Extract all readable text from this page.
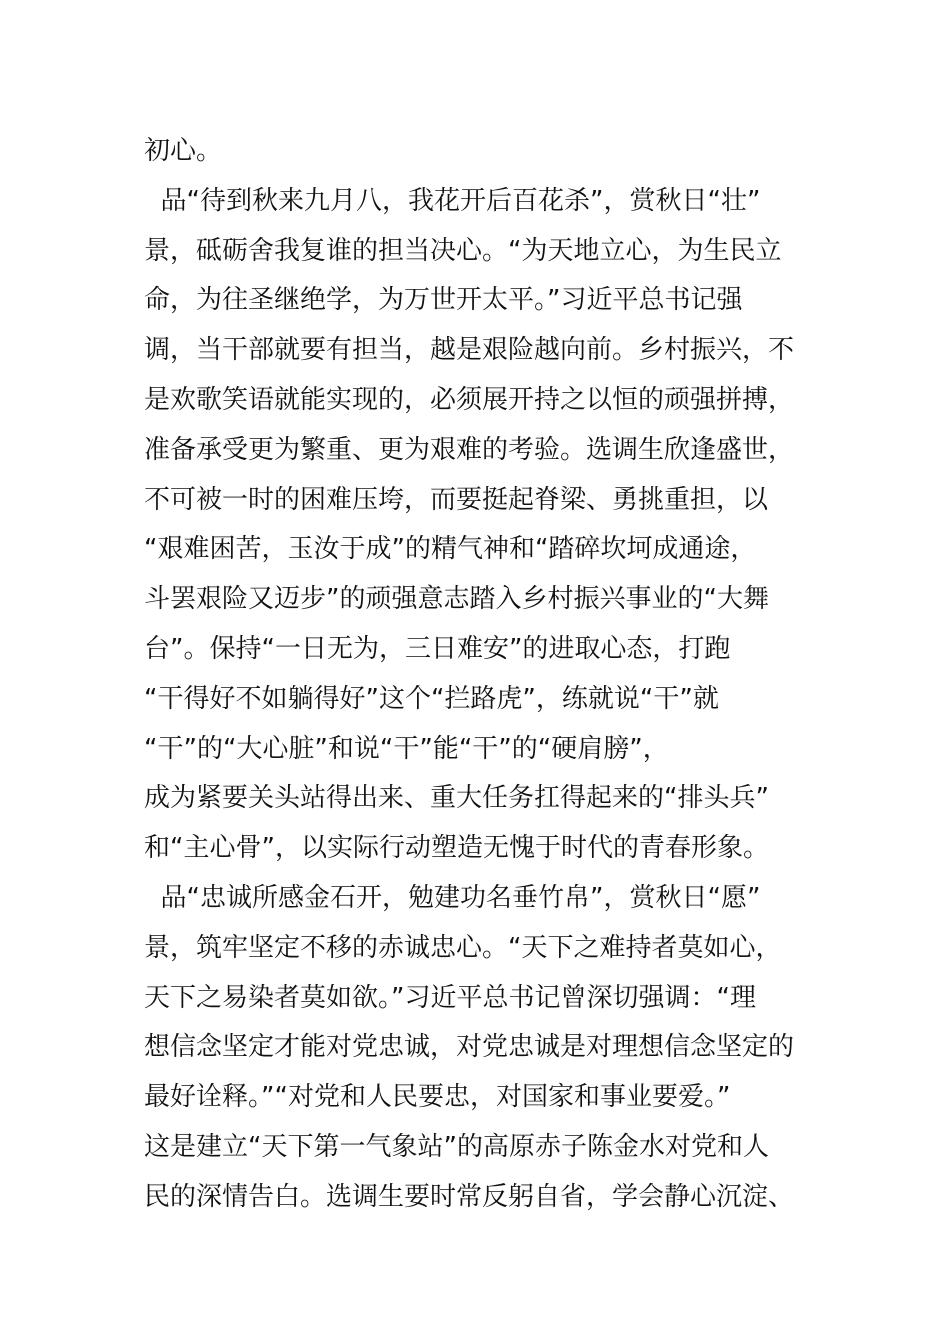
初心。
品“待到秋来九月八，我花开后百花杀”，赏秋日“壮”
景，砥砺舍我复谁的担当决心。“为天地立心，为生民立
命，为往圣继绝学，为万世开太平。”习近平总书记强
调，当干部就要有担当，越是艰险越向前。乡村振兴，不
是欢歌笑语就能实现的，必须展开持之以恒的顽强拼搏，
准备承受更为繁重、更为艰难的考验。选调生欣逢盛世，
不可被一时的困难压垮，而要挺起脊梁、勇挑重担，以
“艰难困苦，玉汝于成”的精气神和“踏碎坎坷成通途，
斗罢艰险又迈步”的顽强意志踏入乡村振兴事业的“大舞
台”。保持“一日无为，三日难安”的进取心态，打跑
“干得好不如躺得好”这个“拦路虎”，练就说“干”就
“干”的“大心脏”和说“干”能“干”的“硬肩膀”，
成为紧要关头站得出来、重大任务扛得起来的“排头兵”
和“主心骨”，以实际行动塑造无愧于时代的青春形象。
品“忠诚所感金石开，勉建功名垂竹帛”，赏秋日“愿”
景，筑牢坚定不移的赤诚忠心。“天下之难持者莫如心，
天下之易染者莫如欲。”习近平总书记曾深切强调：“理
想信念坚定才能对党忠诚，对党忠诚是对理想信念坚定的
最好诠释。”“对党和人民要忠，对国家和事业要爱。”
这是建立“天下第一气象站”的高原赤子陈金水对党和人
民的深情告白。选调生要时常反躬自省，学会静心沉淀、
